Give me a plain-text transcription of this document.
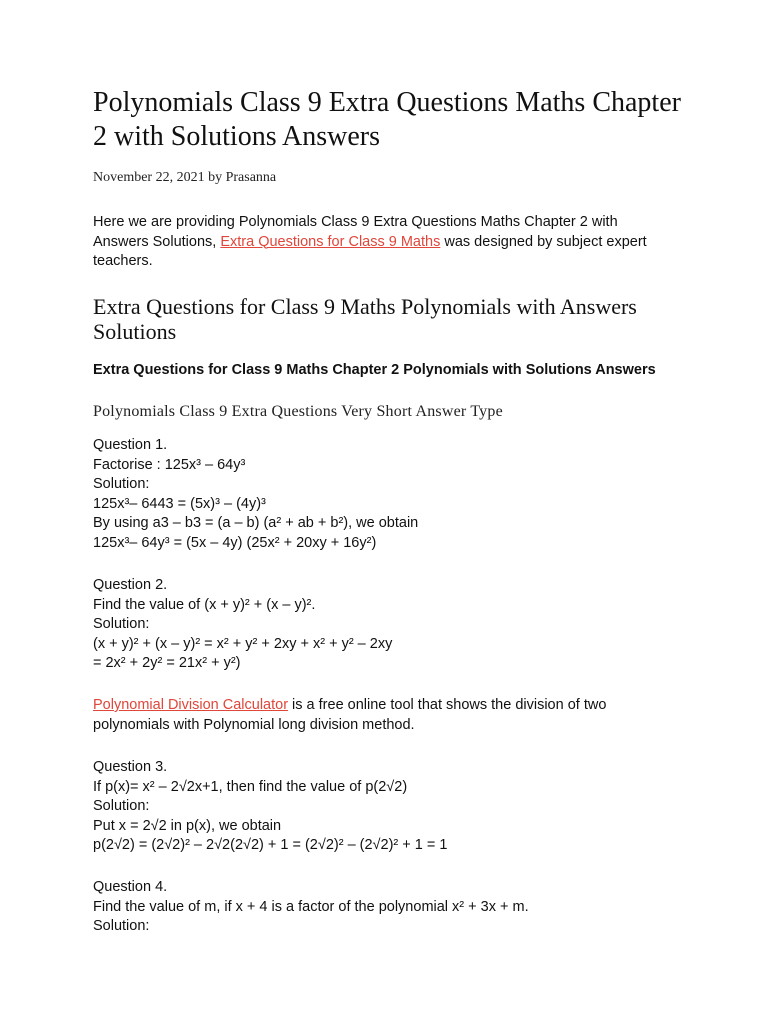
Polynomials Class 9 Extra Questions Maths Chapter 2 with Solutions Answers
November 22, 2021 by Prasanna

Here we are providing Polynomials Class 9 Extra Questions Maths Chapter 2 with Answers Solutions, Extra Questions for Class 9 Maths was designed by subject expert teachers.

Extra Questions for Class 9 Maths Polynomials with Answers Solutions

Extra Questions for Class 9 Maths Chapter 2 Polynomials with Solutions Answers

Polynomials Class 9 Extra Questions Very Short Answer Type
Question 1.
Factorise : 125x³ – 64y³
Solution:
125x³– 6443 = (5x)³ – (4y)³
By using a3 – b3 = (a – b) (a² + ab + b²), we obtain
125x³– 64y³ = (5x – 4y) (25x² + 20xy + 16y²)
Question 2.
Find the value of (x + y)² + (x – y)².
Solution:
(x + y)² + (x – y)² = x² + y² + 2xy + x² + y² – 2xy
= 2x² + 2y² = 21x² + y²)

Polynomial Division Calculator is a free online tool that shows the division of two polynomials with Polynomial long division method.

Question 3.
If p(x)= x² – 2√2x+1, then find the value of p(2√2)
Solution:
Put x = 2√2 in p(x), we obtain
p(2√2) = (2√2)² – 2√2(2√2) + 1 = (2√2)² – (2√2)² + 1 = 1
Question 4.
Find the value of m, if x + 4 is a factor of the polynomial x² + 3x + m.
Solution:
